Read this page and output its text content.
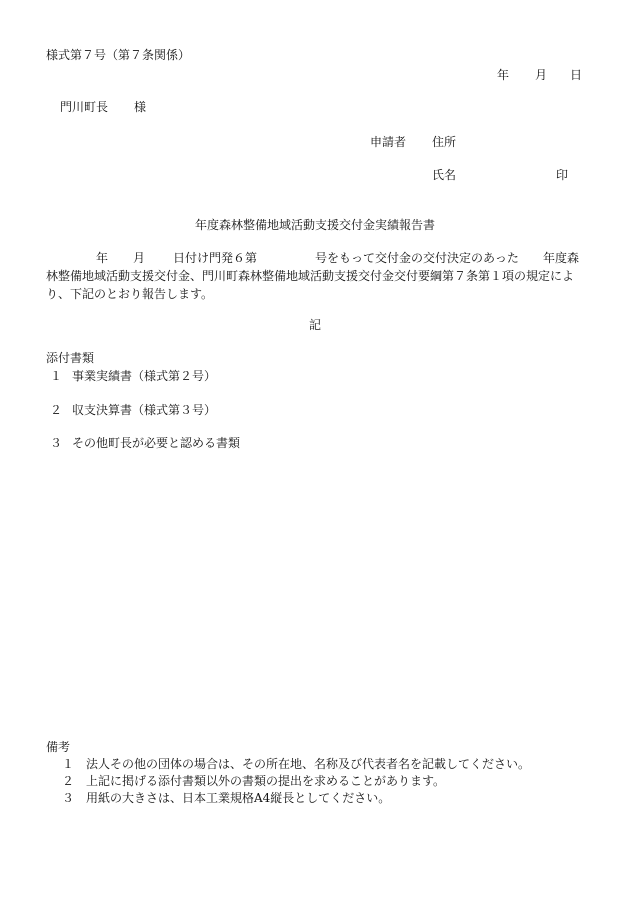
様式第７号（第７条関係）
年 月 日
門川町長 様
申請者 住所
氏名	印
年度森林整備地域活動支援交付金実績報告書
年 月 日付け門発６第	号をもって交付金の交付決定のあった 年度森林整備地域活動支援交付金、門川町森林整備地域活動支援交付金交付要綱第７条第１項の規定により、下記のとおり報告します。
記
添付書類
１ 事業実績書（様式第２号）
２ 収支決算書（様式第３号）
３ その他町長が必要と認める書類
備考
１ 法人その他の団体の場合は、その所在地、名称及び代表者名を記載してください。
２ 上記に掲げる添付書類以外の書類の提出を求めることがあります。
３ 用紙の大きさは、日本工業規格A4縦長としてください。
